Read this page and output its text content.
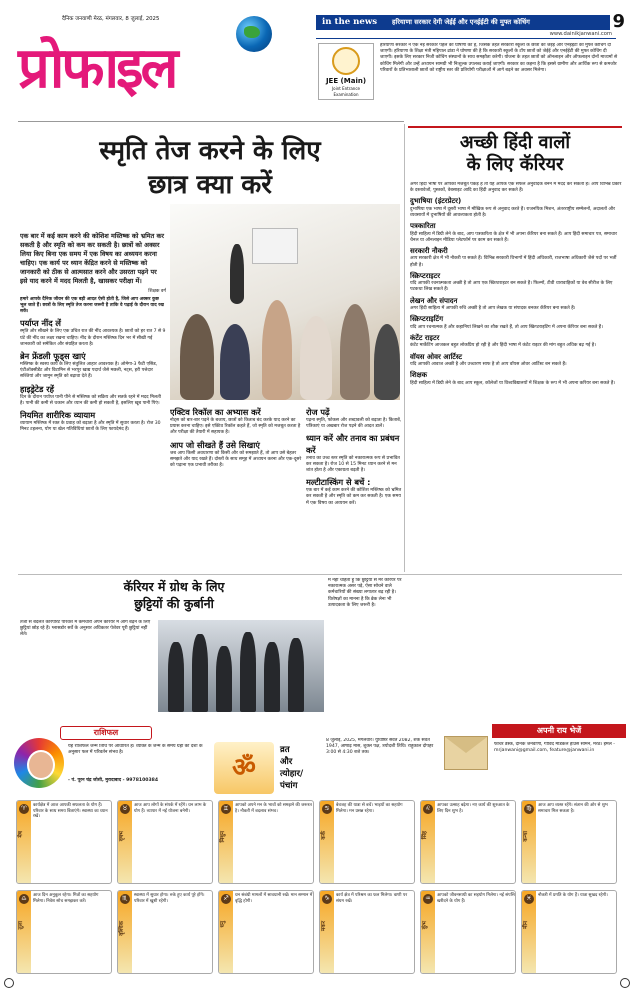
दैनिक जनवाणी मेरठ, मंगलवार, 8 जुलाई, 2025
प्रोफाइल
in the news	हरियाणा सरकार देगी जेईई और एनईईटी की मुफ्त कोचिंग	9
www.dainikjanwani.com
JEE (Main)
Joint Entrance Examination
हरियाणा सरकार ने एक नई सरकार पहल की घोषणा की है, जिसके तहत सरकारी स्कूलों के छात्रों को जेईई और एनईईटी की मुफ्त कोचिंग दी जाएगी। हरियाणा के शिक्षा मंत्री महिपाल ढांडा ने घोषणा की है कि सरकारी स्कूलों के टॉप छात्रों को जेईई और एनईईटी की मुफ्त कोचिंग दी जाएगी। इसके लिए सरकार निजी कोचिंग संस्थानों के साथ समझौता करेगी। योजना के तहत छात्रों को ऑनलाइन और ऑफलाइन दोनों माध्यमों से कोचिंग मिलेगी और उन्हें अध्ययन सामग्री भी निःशुल्क उपलब्ध कराई जाएगी। सरकार का कहना है कि इससे ग्रामीण और आर्थिक रूप से कमजोर परिवारों के प्रतिभाशाली छात्रों को राष्ट्रीय स्तर की प्रतियोगी परीक्षाओं में आगे बढ़ने का अवसर मिलेगा।
स्मृति तेज करने के लिए
छात्र क्या करें
एक बार में कई काम करने की कोशिश मस्तिष्क को भ्रमित कर सकती है और स्मृति को कम कर सकती है। छात्रों को अक्सर लिया किए बिना एक समय में एक विषय का अध्ययन करना चाहिए। एक कार्य पर ध्यान केंद्रित करने से मस्तिष्क को जानकारी को ठीक से आत्मसात करने और उसरता पढ़ने पर इसे याद करने में मदद मिलती है, खासकर परीक्षा में।
शिक्षक वर्ग
हमारे आपके दैनिक जीवन की एक बड़ी आदत ऐसी होती है, जिसे आप अक्सर कुछ भूल जाते हैं। छात्रों के लिए स्मृति तेज करना जरूरी है ताकि वे पढ़ाई के दौरान याद रख सकें।
पर्याप्त नींद लें
स्मृति और सीखने के लिए एक उचित रात की नींद आवश्यक है। छात्रों को हर रात 7 से 9 घंटे की नींद का लक्ष्य रखना चाहिए। नींद के दौरान मस्तिष्क दिन भर में सीखी गई जानकारी को समेकित और संग्रहित करता है।
ब्रेन फ्रेंडली फूड्स खाएं
मस्तिष्क के स्वस्थ कार्य के लिए संतुलित आहार आवश्यक है। ओमेगा-3 फैटी एसिड, एंटीऑक्सीडेंट और विटामिन से भरपूर खाद्य पदार्थ जैसे मछली, नट्स, हरी पत्तेदार सब्जियां और जामुन स्मृति को बढ़ावा देते हैं।
हाइड्रेटेड रहें
दिन के दौरान पर्याप्त पानी पीने से मस्तिष्क को सक्रिय और सतर्क रहने में मदद मिलती है। पानी की कमी से थकान और ध्यान की कमी हो सकती है, इसलिए खूब पानी पिएं।
नियमित शारीरिक व्यायाम
व्यायाम मस्तिष्क में रक्त के प्रवाह को बढ़ाता है और स्मृति में सुधार करता है। रोज 30 मिनट टहलना, योग या खेल गतिविधियां छात्रों के लिए फायदेमंद हैं।
एक्टिव रिकॉल का अभ्यास करें
नोट्स को बार-बार पढ़ने के बजाय, छात्रों को किताब बंद करके याद करने का प्रयास करना चाहिए। इसे एक्टिव रिकॉल कहते हैं, जो स्मृति को मजबूत करता है और परीक्षा की तैयारी में सहायक है।
आप जो सीखते हैं उसे सिखाएं
जब आप किसी अवधारणा को किसी और को समझाते हैं, तो आप उसे बेहतर समझते और याद रखते हैं। दोस्तों के साथ समूह में अध्ययन करना और एक-दूसरे को पढ़ाना एक प्रभावी तरीका है।
रोज पढ़ें
पढ़ना स्मृति, फोकस और शब्दावली को बढ़ाता है। किताबें, पत्रिकाएं या अखबार रोज पढ़ने की आदत डालें।
ध्यान करें और तनाव का प्रबंधन करें
तनाव का उच्च स्तर स्मृति को नकारात्मक रूप से प्रभावित कर सकता है। रोज 10 से 15 मिनट ध्यान करने से मन शांत होता है और एकाग्रता बढ़ती है।
मल्टीटास्किंग से बचें :
एक बार में कई काम करने की कोशिश मस्तिष्क को भ्रमित कर सकती है और स्मृति को कम कर सकती है। एक समय में एक विषय का अध्ययन करें।
अच्छी हिंदी वालों
के लिए कॅरियर
अगर हिंदी भाषा पर आपकी मजबूत पकड़ है तो यह आपके एक सफल अनुवादक बनने में मदद कर सकती है। आप विभिन्न प्रकार के दस्तावेजों, पुस्तकों, वेबसाइट आदि का हिंदी अनुवाद कर सकते हैं।
दुभाषिया (इंटरप्रेटर)
दुभाषिया एक भाषा में दूसरी भाषा में मौखिक रूप से अनुवाद करते हैं। राजनयिक मिशन, अंतरराष्ट्रीय सम्मेलनों, अदालतों और व्यवसायों में दुभाषियों की आवश्यकता होती है।
पत्रकारिता
हिंदी साहित्य में डिग्री लेने के बाद, आप पत्रकारिता के क्षेत्र में भी अपना कॅरियर बना सकते हैं। आप हिंदी समाचार पत्र, समाचार चैनल या ऑनलाइन मीडिया प्लेटफॉर्म पर काम कर सकते हैं।
सरकारी नौकरी
आप सरकारी क्षेत्र में भी नौकरी पा सकते हैं। विभिन्न सरकारी विभागों में हिंदी अधिकारी, राजभाषा अधिकारी जैसे पदों पर भर्ती होती है।
स्क्रिप्टराइटर
यदि आपकी रचनात्मकता अच्छी है तो आप एक स्क्रिप्टराइटर बन सकते हैं। फिल्मों, टीवी धारावाहिकों या वेब सीरीज के लिए पटकथा लिख सकते हैं।
लेखन और संपादन
अगर हिंदी साहित्य में आपकी रुचि अच्छी है तो आप लेखक या संपादक बनकर कॅरियर बना सकते हैं।
स्क्रिप्टराइटिंग
यदि आप रचनात्मक हैं और कहानियां लिखने का शौक रखते हैं, तो आप स्क्रिप्टराइटिंग में अपना कॅरियर बना सकते हैं।
कंटेंट राइटर
कंटेंट मार्केटिंग आजकल बहुत लोकप्रिय हो रही है और हिंदी भाषा में कंटेंट राइटर की मांग बहुत अधिक बढ़ गई है।
वॉयस ओवर आर्टिस्ट
यदि आपकी आवाज अच्छी है और उच्चारण साफ है तो आप वॉयस ओवर आर्टिस्ट बन सकते हैं।
शिक्षक
हिंदी साहित्य में डिग्री लेने के बाद आप स्कूल, कॉलेजों या विश्वविद्यालयों में शिक्षक के रूप में भी अपना करियर बना सकते हैं।
कॅरियर में ग्रोथ के लिए
छुट्टियों की कुर्बानी
तेजी से बदलते कॉरपोरेट परिवेश में कर्मचारी अपने कॅरियर में आगे बढ़ने के लिए छुट्टियां छोड़ रहे हैं। ग्लासडोर सर्वे के अनुसार अधिकतर पेशेवर पूरी छुट्टियां नहीं लेते।
मैं नहीं चाहता हूं कि छुट्टियों से मेरे कॅरियर पर नकारात्मक असर पड़े, ऐसा सोचने वाले कर्मचारियों की संख्या लगातार बढ़ रही है। विशेषज्ञों का मानना है कि ब्रेक लेना भी उत्पादकता के लिए जरूरी है।
राशिफल
यह राशिफल जन्म तिथि पर आधारित है। व्यक्ति के जन्म के समय ग्रहों की दशा के अनुसार फल में परिवर्तन संभव है।
- पं. पूरन चंद्र जोशी, मुरादाबाद - 9978100384	ॐ
व्रत
और
त्योहार/
पंचांग
8 जुलाई, 2025, मंगलवार। युधिष्ठिर संवत 2082, शक संवत 1947, आषाढ़ मास, शुक्ल पक्ष, त्रयोदशी तिथि। राहुकाल दोपहर 3:00 से 4:30 बजे तक।
अपनी राय भेजें
फीचर डेस्क, दैनिक जनवाणी, गोविंद मेडिकल हाउस सामने, मेरठ। ईमेल - mrjanwani@gmail.com, feature@janwani.in
♈
मेष
कार्यक्षेत्र में आज आपकी सफलता के योग हैं। परिवार के साथ समय बिताएंगे। स्वास्थ्य का ध्यान रखें।
♉
वृषभ
आज आप लोगों के संपर्क में रहेंगे। धन लाभ के योग हैं। व्यापार में नई योजना बनेगी।	♊
मिथुन
आपको अपने मन के भावों को समझने की जरूरत है। नौकरी में बदलाव संभव।	♋
कर्क
बेवजह की यात्रा से बचें। भाइयों का सहयोग मिलेगा। मन प्रसन्न रहेगा।	♌
सिंह
आपका उत्साह बढ़ेगा। नए कार्य की शुरुआत के लिए दिन शुभ है।	♍
कन्या
आज आप व्यस्त रहेंगे। संतान की ओर से शुभ समाचार मिल सकता है।
♎
तुला
आज दिन अनुकूल रहेगा। मित्रों का सहयोग मिलेगा। निवेश सोच समझकर करें।	♏
वृश्चिक
स्वास्थ्य में सुधार होगा। रुके हुए कार्य पूरे होंगे। परिवार में खुशी रहेगी।	♐
धनु
धन संबंधी मामलों में सावधानी रखें। मान सम्मान में वृद्धि होगी।	♑
मकर
कार्य क्षेत्र में परिश्रम का फल मिलेगा। वाणी पर संयम रखें।	♒
कुंभ
आपको जीवनसाथी का सहयोग मिलेगा। नई संपत्ति खरीदने के योग हैं।	♓
मीन
नौकरी में प्रगति के योग हैं। यात्रा सुखद रहेगी।
